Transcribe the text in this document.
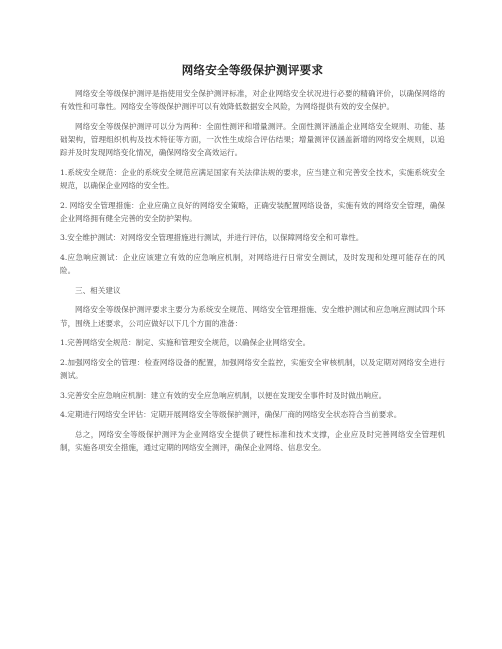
网络安全等级保护测评要求

网络安全等级保护测评是指使用安全保护测评标准，对企业网络安全状况进行必要的精确评价，以确保网络的有效性和可靠性。网络安全等级保护测评可以有效降低数据安全风险，为网络提供有效的安全保护。

网络安全等级保护测评可以分为两种：全面性测评和增量测评。全面性测评涵盖企业网络安全规则、功能、基础架构，管理组织机构及技术特征等方面，一次性生成综合评估结果；增量测评仅涵盖新增的网络安全规则，以追踪并及时发现网络变化情况，确保网络安全高效运行。

1.系统安全规范：企业的系统安全规范应满足国家有关法律法规的要求，应当建立和完善安全技术，实施系统安全规范，以确保企业网络的安全性。

2. 网络安全管理措施：企业应确立良好的网络安全策略，正确安装配置网络设备，实施有效的网络安全管理，确保企业网络拥有健全完善的安全防护架构。

3.安全维护测试：对网络安全管理措施进行测试，并进行评估，以保障网络安全和可靠性。

4.应急响应测试：企业应该建立有效的应急响应机制，对网络进行日常安全测试，及时发现和处理可能存在的风险。

三、相关建议

网络安全等级保护测评要求主要分为系统安全规范、网络安全管理措施、安全维护测试和应急响应测试四个环节，围绕上述要求，公司应做好以下几个方面的准备：

1.完善网络安全规范：制定、实施和管理安全规范，以确保企业网络安全。

2.加强网络安全的管理：检查网络设备的配置，加强网络安全监控，实施安全审核机制，以及定期对网络安全进行测试。

3.完善安全应急响应机制：建立有效的安全应急响应机制，以便在发现安全事件时及时做出响应。

4.定期进行网络安全评估：定期开展网络安全等级保护测评，确保厂商的网络安全状态符合当前要求。

总之，网络安全等级保护测评为企业网络安全提供了硬性标准和技术支撑，企业应及时完善网络安全管理机制，实施各项安全措施，通过定期的网络安全测评，确保企业网络、信息安全。
